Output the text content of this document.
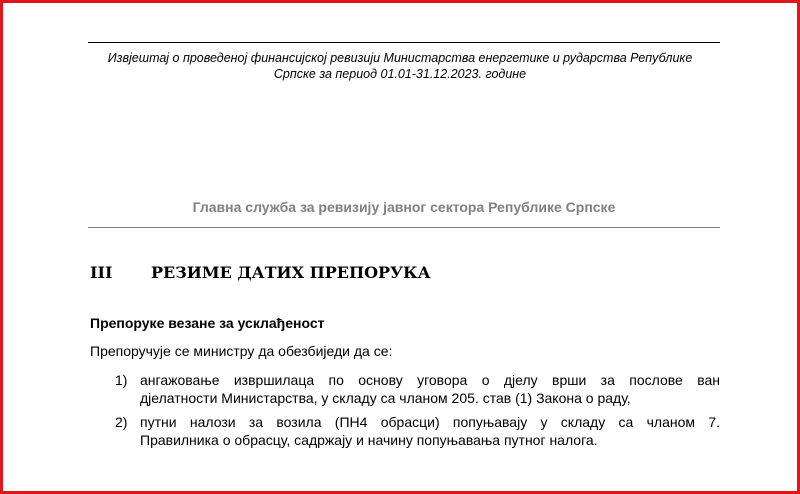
Извјештај о проведеној финансијској ревизији Министарства енергетике и рударства Републике
Српске за период 01.01-31.12.2023. године
Главна служба за ревизију јавног сектора Републике Српске
III РЕЗИМЕ ДАТИХ ПРЕПОРУКА
Препоруке везане за усклађеност
Препоручује се министру да обезбиједи да се:
1) ангажовање извршилаца по основу уговора о дјелу врши за послове ван
дјелатности Министарства, у складу са чланом 205. став (1) Закона о раду,
2) путни налози за возила (ПН4 обрасци) попуњавају у складу са чланом 7.
Правилника о обрасцу, садржају и начину попуњавања путног налога.
